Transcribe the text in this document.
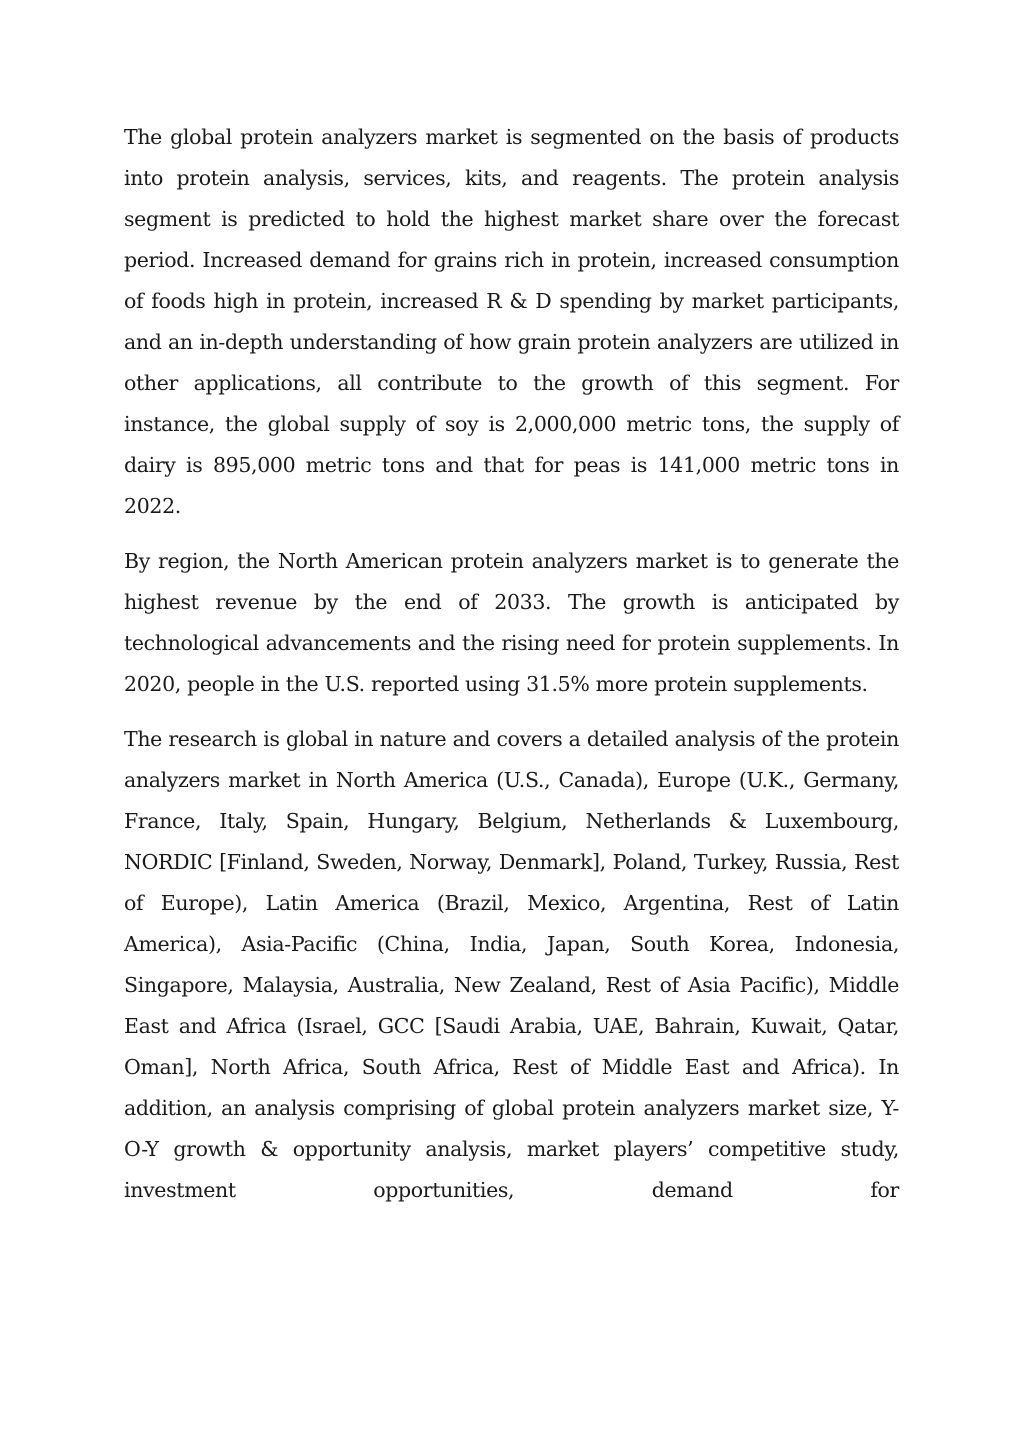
The global protein analyzers market is segmented on the basis of products into protein analysis, services, kits, and reagents. The protein analysis segment is predicted to hold the highest market share over the forecast period. Increased demand for grains rich in protein, increased consumption of foods high in protein, increased R & D spending by market participants, and an in-depth understanding of how grain protein analyzers are utilized in other applications, all contribute to the growth of this segment. For instance, the global supply of soy is 2,000,000 metric tons, the supply of dairy is 895,000 metric tons and that for peas is 141,000 metric tons in 2022.

By region, the North American protein analyzers market is to generate the highest revenue by the end of 2033. The growth is anticipated by technological advancements and the rising need for protein supplements. In 2020, people in the U.S. reported using 31.5% more protein supplements.

The research is global in nature and covers a detailed analysis of the protein analyzers market in North America (U.S., Canada), Europe (U.K., Germany, France, Italy, Spain, Hungary, Belgium, Netherlands & Luxembourg, NORDIC [Finland, Sweden, Norway, Denmark], Poland, Turkey, Russia, Rest of Europe), Latin America (Brazil, Mexico, Argentina, Rest of Latin America), Asia-Pacific (China, India, Japan, South Korea, Indonesia, Singapore, Malaysia, Australia, New Zealand, Rest of Asia Pacific), Middle East and Africa (Israel, GCC [Saudi Arabia, UAE, Bahrain, Kuwait, Qatar, Oman], North Africa, South Africa, Rest of Middle East and Africa). In addition, an analysis comprising of global protein analyzers market size, Y-O-Y growth & opportunity analysis, market players’ competitive study, investment opportunities, demand for
